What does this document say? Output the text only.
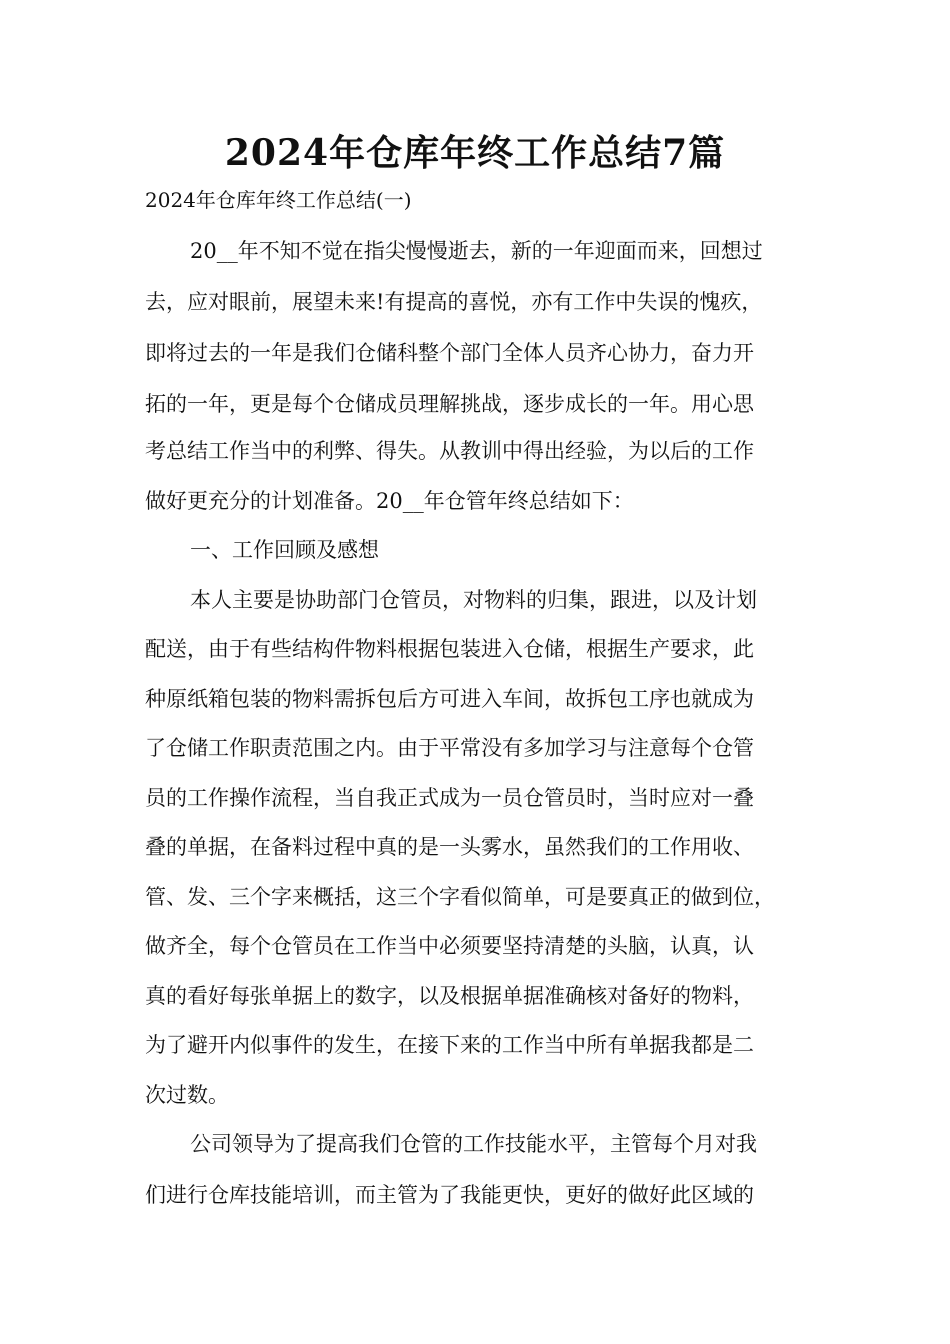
2024年仓库年终工作总结7篇
2024年仓库年终工作总结(一)
20__年不知不觉在指尖慢慢逝去，新的一年迎面而来，回想过
去，应对眼前，展望未来!有提高的喜悦，亦有工作中失误的愧疚，
即将过去的一年是我们仓储科整个部门全体人员齐心协力，奋力开
拓的一年，更是每个仓储成员理解挑战，逐步成长的一年。用心思
考总结工作当中的利弊、得失。从教训中得出经验，为以后的工作
做好更充分的计划准备。20__年仓管年终总结如下：
一、工作回顾及感想
本人主要是协助部门仓管员，对物料的归集，跟进，以及计划
配送，由于有些结构件物料根据包装进入仓储，根据生产要求，此
种原纸箱包装的物料需拆包后方可进入车间，故拆包工序也就成为
了仓储工作职责范围之内。由于平常没有多加学习与注意每个仓管
员的工作操作流程，当自我正式成为一员仓管员时，当时应对一叠
叠的单据，在备料过程中真的是一头雾水，虽然我们的工作用收、
管、发、三个字来概括，这三个字看似简单，可是要真正的做到位，
做齐全，每个仓管员在工作当中必须要坚持清楚的头脑，认真，认
真的看好每张单据上的数字，以及根据单据准确核对备好的物料，
为了避开内似事件的发生，在接下来的工作当中所有单据我都是二
次过数。
公司领导为了提高我们仓管的工作技能水平，主管每个月对我
们进行仓库技能培训，而主管为了我能更快，更好的做好此区域的
